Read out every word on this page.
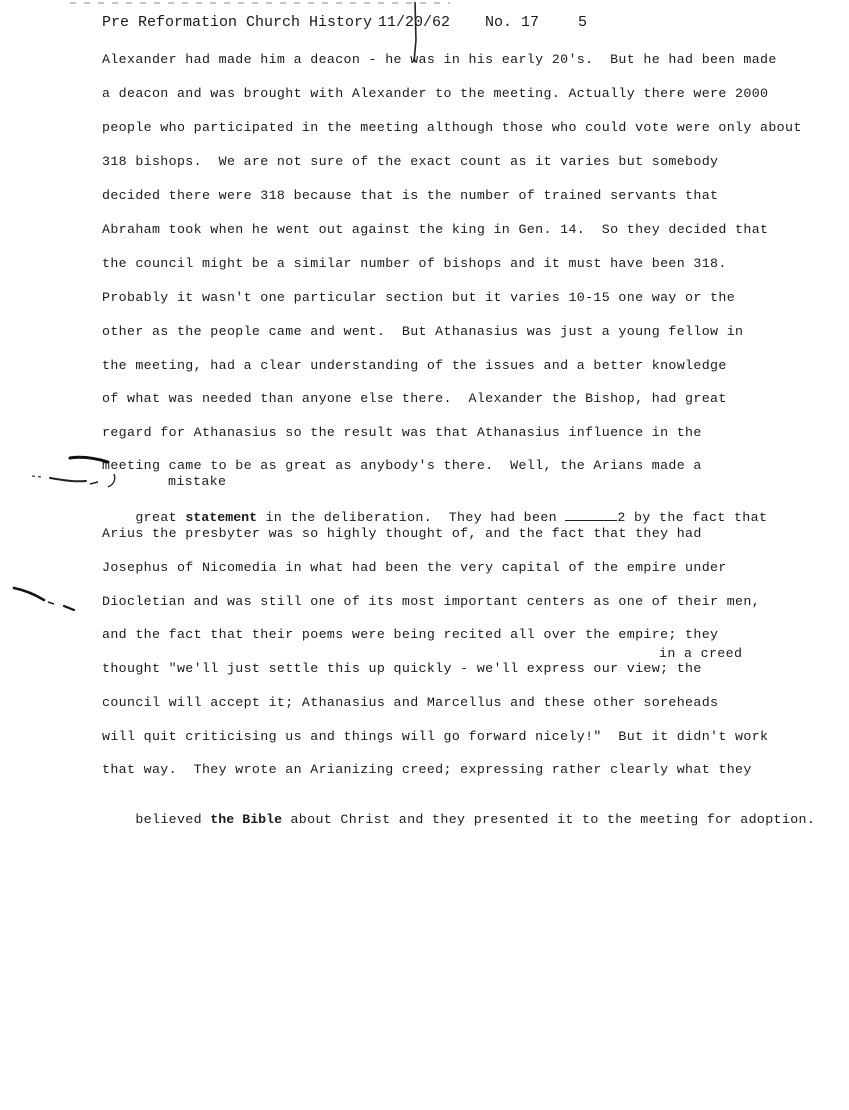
Pre Reformation Church History

11/20/62

No. 17

	5

Alexander had made him a deacon - he was in his early 20's.  But he had been made
a deacon and was brought with Alexander to the meeting. Actually there were 2000
people who participated in the meeting although those who could vote were only about
318 bishops.  We are not sure of the exact count as it varies but somebody
decided there were 318 because that is the number of trained servants that
Abraham took when he went out against the king in Gen. 14.  So they decided that
the council might be a similar number of bishops and it must have been 318.
Probably it wasn't one particular section but it varies 10-15 one way or the
other as the people came and went.  But Athanasius was just a young fellow in
the meeting, had a clear understanding of the issues and a better knowledge
of what was needed than anyone else there.  Alexander the Bishop, had great
regard for Athanasius so the result was that Athanasius influence in the
meeting came to be as great as anybody's there.  Well, the Arians made a
mistake

great statement in the deliberation.  They had been	2 by the fact that

Arius the presbyter was so highly thought of, and the fact that they had
Josephus of Nicomedia in what had been the very capital of the empire under
Diocletian and was still one of its most important centers as one of their men,
and the fact that their poems were being recited all over the empire; they
in a creed
thought "we'll just settle this up quickly - we'll express our view; the
council will accept it; Athanasius and Marcellus and these other soreheads
will quit criticising us and things will go forward nicely!"  But it didn't work
that way.  They wrote an Arianizing creed; expressing rather clearly what they

believed the Bible about Christ and they presented it to the meeting for adoption.
